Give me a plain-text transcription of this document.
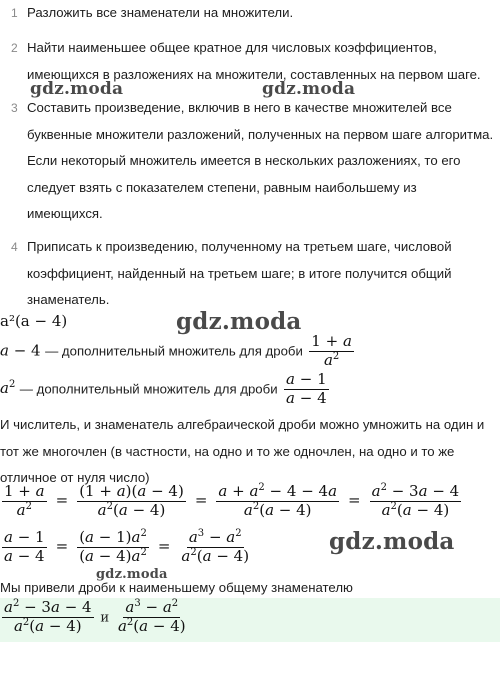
1 Разложить все знаменатели на множители.
2 Найти наименьшее общее кратное для числовых коэффициентов, имеющихся в разложениях на множители, составленных на первом шаге.
3 Составить произведение, включив в него в качестве множителей все буквенные множители разложений, полученных на первом шаге алгоритма. Если некоторый множитель имеется в нескольких разложениях, то его следует взять с показателем степени, равным наибольшему из имеющихся.
4 Приписать к произведению, полученному на третьем шаге, числовой коэффициент, найденный на третьем шаге; в итоге получится общий знаменатель.
a²(a − 4)
a − 4 — дополнительный множитель для дроби $\frac{1 + a}{a^2}$
$a^2$ — дополнительный множитель для дроби $\frac{a - 1}{a - 4}$
И числитель, и знаменатель алгебраической дроби можно умножить на один и тот же многочлен (в частности, на одно и то же одночлен, на одно и то же отличное от нуля число)
$\frac{1 + a}{a^2} = \frac{(1 + a)(a - 4)}{a^2(a - 4)} = \frac{a + a^2 - 4 - 4a}{a^2(a - 4)} = \frac{a^2 - 3a - 4}{a^2(a - 4)}$
$\frac{a - 1}{a - 4} = \frac{(a - 1)a^2}{(a - 4)a^2} = \frac{a^3 - a^2}{a^2(a - 4)}$
Мы привели дроби к наименьшему общему знаменателю
$\frac{a^2 - 3a - 4}{a^2(a - 4)}$ и $\frac{a^3 - a^2}{a^2(a - 4)}$
gdz.moda	gdz.moda
gdz.moda
gdz.moda
gdz.moda
